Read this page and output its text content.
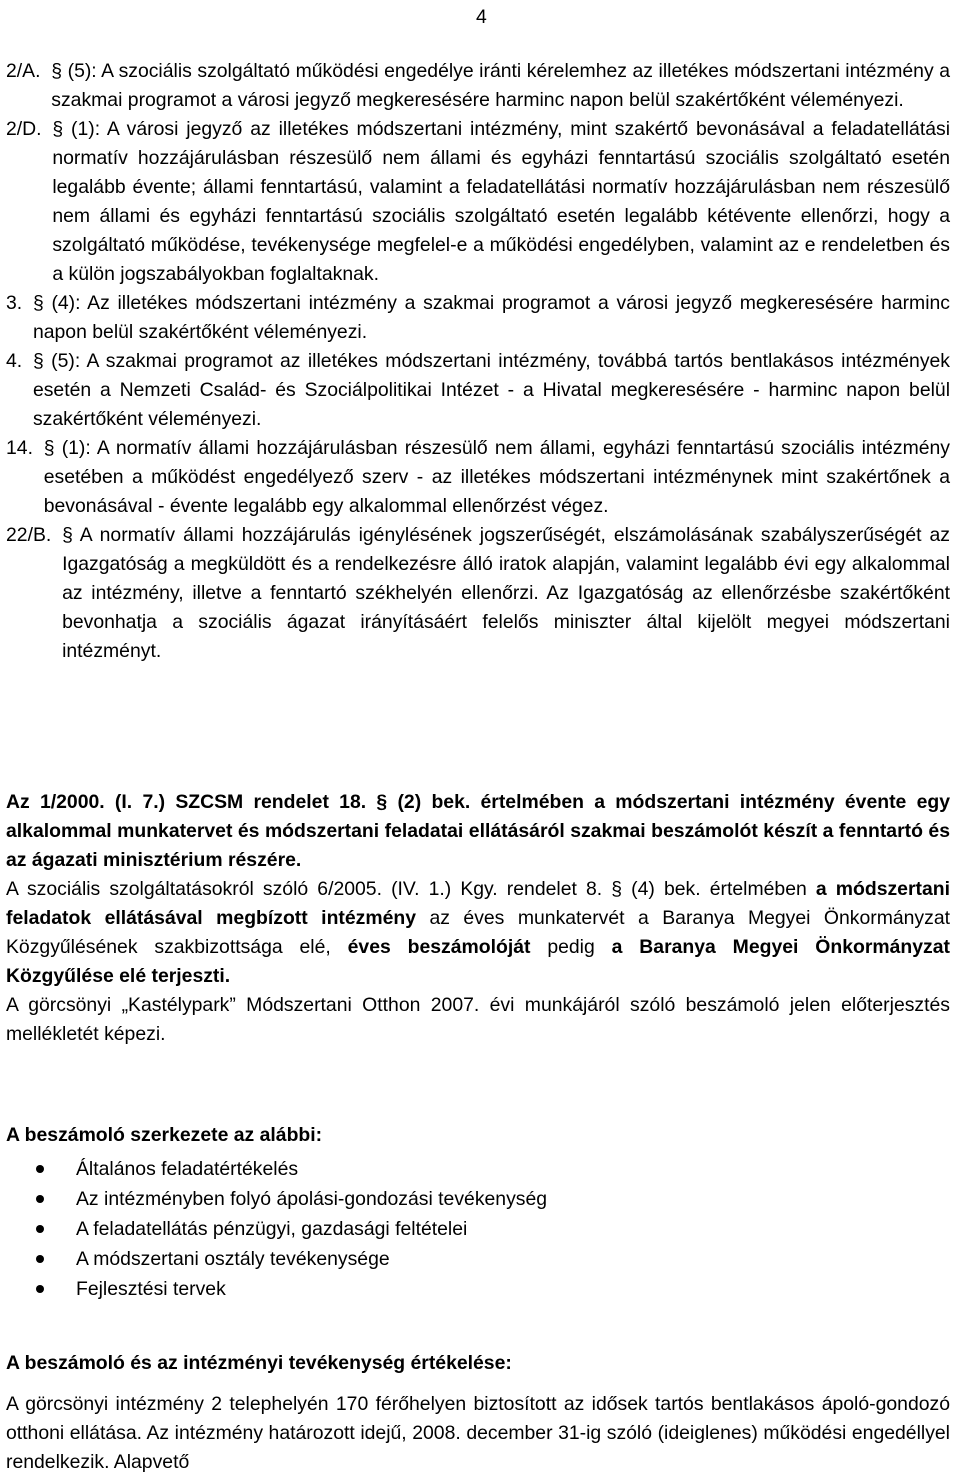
4
2/A. § (5): A szociális szolgáltató működési engedélye iránti kérelemhez az illetékes módszertani intézmény a szakmai programot a városi jegyző megkeresésére harminc napon belül szakértőként véleményezi.
2/D. § (1): A városi jegyző az illetékes módszertani intézmény, mint szakértő bevonásával a feladatellátási normatív hozzájárulásban részesülő nem állami és egyházi fenntartású szociális szolgáltató esetén legalább évente; állami fenntartású, valamint a feladatellátási normatív hozzájárulásban nem részesülő nem állami és egyházi fenntartású szociális szolgáltató esetén legalább kétévente ellenőrzi, hogy a szolgáltató működése, tevékenysége megfelel-e a működési engedélyben, valamint az e rendeletben és a külön jogszabályokban foglaltaknak.
3. § (4): Az illetékes módszertani intézmény a szakmai programot a városi jegyző megkeresésére harminc napon belül szakértőként véleményezi.
4. § (5): A szakmai programot az illetékes módszertani intézmény, továbbá tartós bentlakásos intézmények esetén a Nemzeti Család- és Szociálpolitikai Intézet - a Hivatal megkeresésére - harminc napon belül szakértőként véleményezi.
14. § (1): A normatív állami hozzájárulásban részesülő nem állami, egyházi fenntartású szociális intézmény esetében a működést engedélyező szerv - az illetékes módszertani intézménynek mint szakértőnek a bevonásával - évente legalább egy alkalommal ellenőrzést végez.
22/B. § A normatív állami hozzájárulás igénylésének jogszerűségét, elszámolásának szabályszerűségét az Igazgatóság a megküldött és a rendelkezésre álló iratok alapján, valamint legalább évi egy alkalommal az intézmény, illetve a fenntartó székhelyén ellenőrzi. Az Igazgatóság az ellenőrzésbe szakértőként bevonhatja a szociális ágazat irányításáért felelős miniszter által kijelölt megyei módszertani intézményt.
Az 1/2000. (I. 7.) SZCSM rendelet 18. § (2) bek. értelmében a módszertani intézmény évente egy alkalommal munkatervet és módszertani feladatai ellátásáról szakmai beszámolót készít a fenntartó és az ágazati minisztérium részére.
A szociális szolgáltatásokról szóló 6/2005. (IV. 1.) Kgy. rendelet 8. § (4) bek. értelmében a módszertani feladatok ellátásával megbízott intézmény az éves munkatervét a Baranya Megyei Önkormányzat Közgyűlésének szakbizottsága elé, éves beszámolóját pedig a Baranya Megyei Önkormányzat Közgyűlése elé terjeszti.
A görcsönyi „Kastélypark” Módszertani Otthon 2007. évi munkájáról szóló beszámoló jelen előterjesztés mellékletét képezi.
A beszámoló szerkezete az alábbi:
Általános feladatértékelés
Az intézményben folyó ápolási-gondozási tevékenység
A feladatellátás pénzügyi, gazdasági feltételei
A módszertani osztály tevékenysége
Fejlesztési tervek
A beszámoló és az intézményi tevékenység értékelése:
A görcsönyi intézmény 2 telephelyén 170 férőhelyen biztosított az idősek tartós bentlakásos ápoló-gondozó otthoni ellátása. Az intézmény határozott idejű, 2008. december 31-ig szóló (ideiglenes) működési engedéllyel rendelkezik. Alapvető
